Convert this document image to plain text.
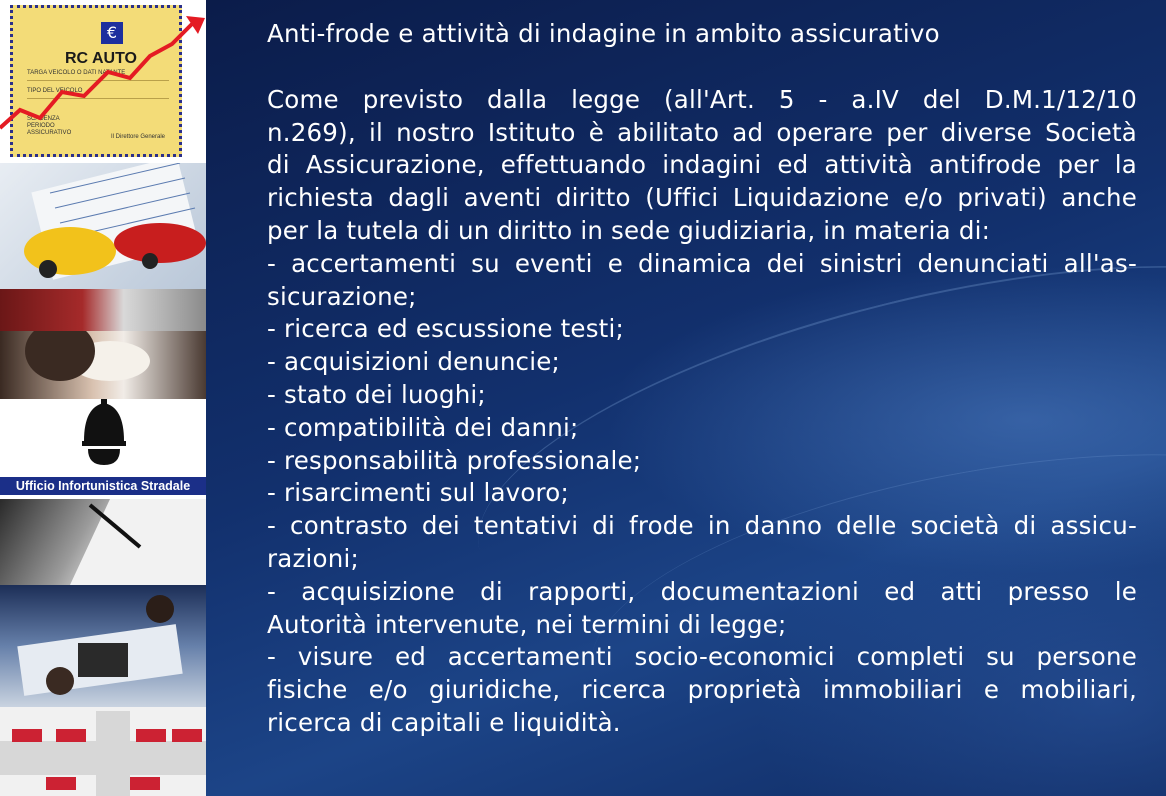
€
RC AUTO
TARGA VEICOLO O DATI NATANTE
TIPO DEL VEICOLO
SCADENZA PERIODO ASSICURATIVO
Il Direttore Generale
Ufficio Infortunistica Stradale
Anti-frode e attività di indagine in ambito assicurativo
Come previsto dalla legge (all'Art. 5 - a.IV del D.M.1/12/10
n.269), il nostro Istituto è abilitato ad operare per diverse Società
di Assicurazione, effettuando indagini ed attività antifrode per la
richiesta dagli aventi diritto (Uffici Liquidazione e/o privati) anche
per la tutela di un diritto in sede giudiziaria, in materia di:
- accertamenti su eventi e dinamica dei sinistri denunciati all'as-
sicurazione;
- ricerca ed escussione testi;
- acquisizioni denuncie;
- stato dei luoghi;
- compatibilità dei danni;
- responsabilità professionale;
- risarcimenti sul lavoro;
- contrasto dei tentativi di frode in danno delle società di assicu-
razioni;
- acquisizione di rapporti, documentazioni ed atti presso le
Autorità intervenute, nei termini di legge;
- visure ed accertamenti socio-economici completi su persone
fisiche e/o giuridiche, ricerca proprietà immobiliari e mobiliari,
ricerca di capitali e liquidità.
